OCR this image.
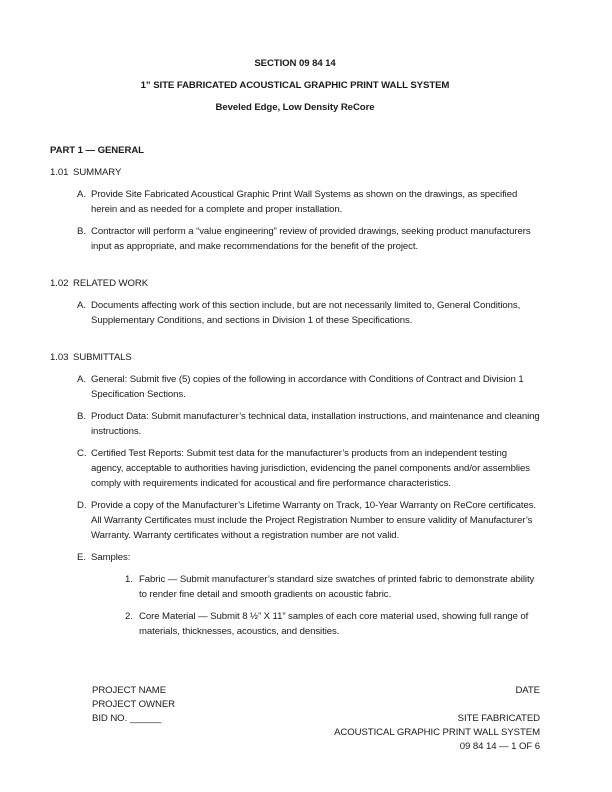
SECTION 09 84 14
1” SITE FABRICATED ACOUSTICAL GRAPHIC PRINT WALL SYSTEM
Beveled Edge, Low Density ReCore
PART 1 — GENERAL
1.01 SUMMARY
A. Provide Site Fabricated Acoustical Graphic Print Wall Systems as shown on the drawings, as specified herein and as needed for a complete and proper installation.
B. Contractor will perform a “value engineering” review of provided drawings, seeking product manufacturers input as appropriate, and make recommendations for the benefit of the project.
1.02 RELATED WORK
A. Documents affecting work of this section include, but are not necessarily limited to, General Conditions, Supplementary Conditions, and sections in Division 1 of these Specifications.
1.03 SUBMITTALS
A. General: Submit five (5) copies of the following in accordance with Conditions of Contract and Division 1 Specification Sections.
B. Product Data: Submit manufacturer’s technical data, installation instructions, and maintenance and cleaning instructions.
C. Certified Test Reports: Submit test data for the manufacturer’s products from an independent testing agency, acceptable to authorities having jurisdiction, evidencing the panel components and/or assemblies comply with requirements indicated for acoustical and fire performance characteristics.
D. Provide a copy of the Manufacturer’s Lifetime Warranty on Track, 10-Year Warranty on ReCore certificates. All Warranty Certificates must include the Project Registration Number to ensure validity of Manufacturer’s Warranty. Warranty certificates without a registration number are not valid.
E. Samples:
1. Fabric — Submit manufacturer’s standard size swatches of printed fabric to demonstrate ability to render fine detail and smooth gradients on acoustic fabric.
2. Core Material — Submit 8 ½” X 11” samples of each core material used, showing full range of materials, thicknesses, acoustics, and densities.
PROJECT NAME
PROJECT OWNER
BID NO. ______
DATE
SITE FABRICATED
ACOUSTICAL GRAPHIC PRINT WALL SYSTEM
09 84 14 — 1 OF 6
